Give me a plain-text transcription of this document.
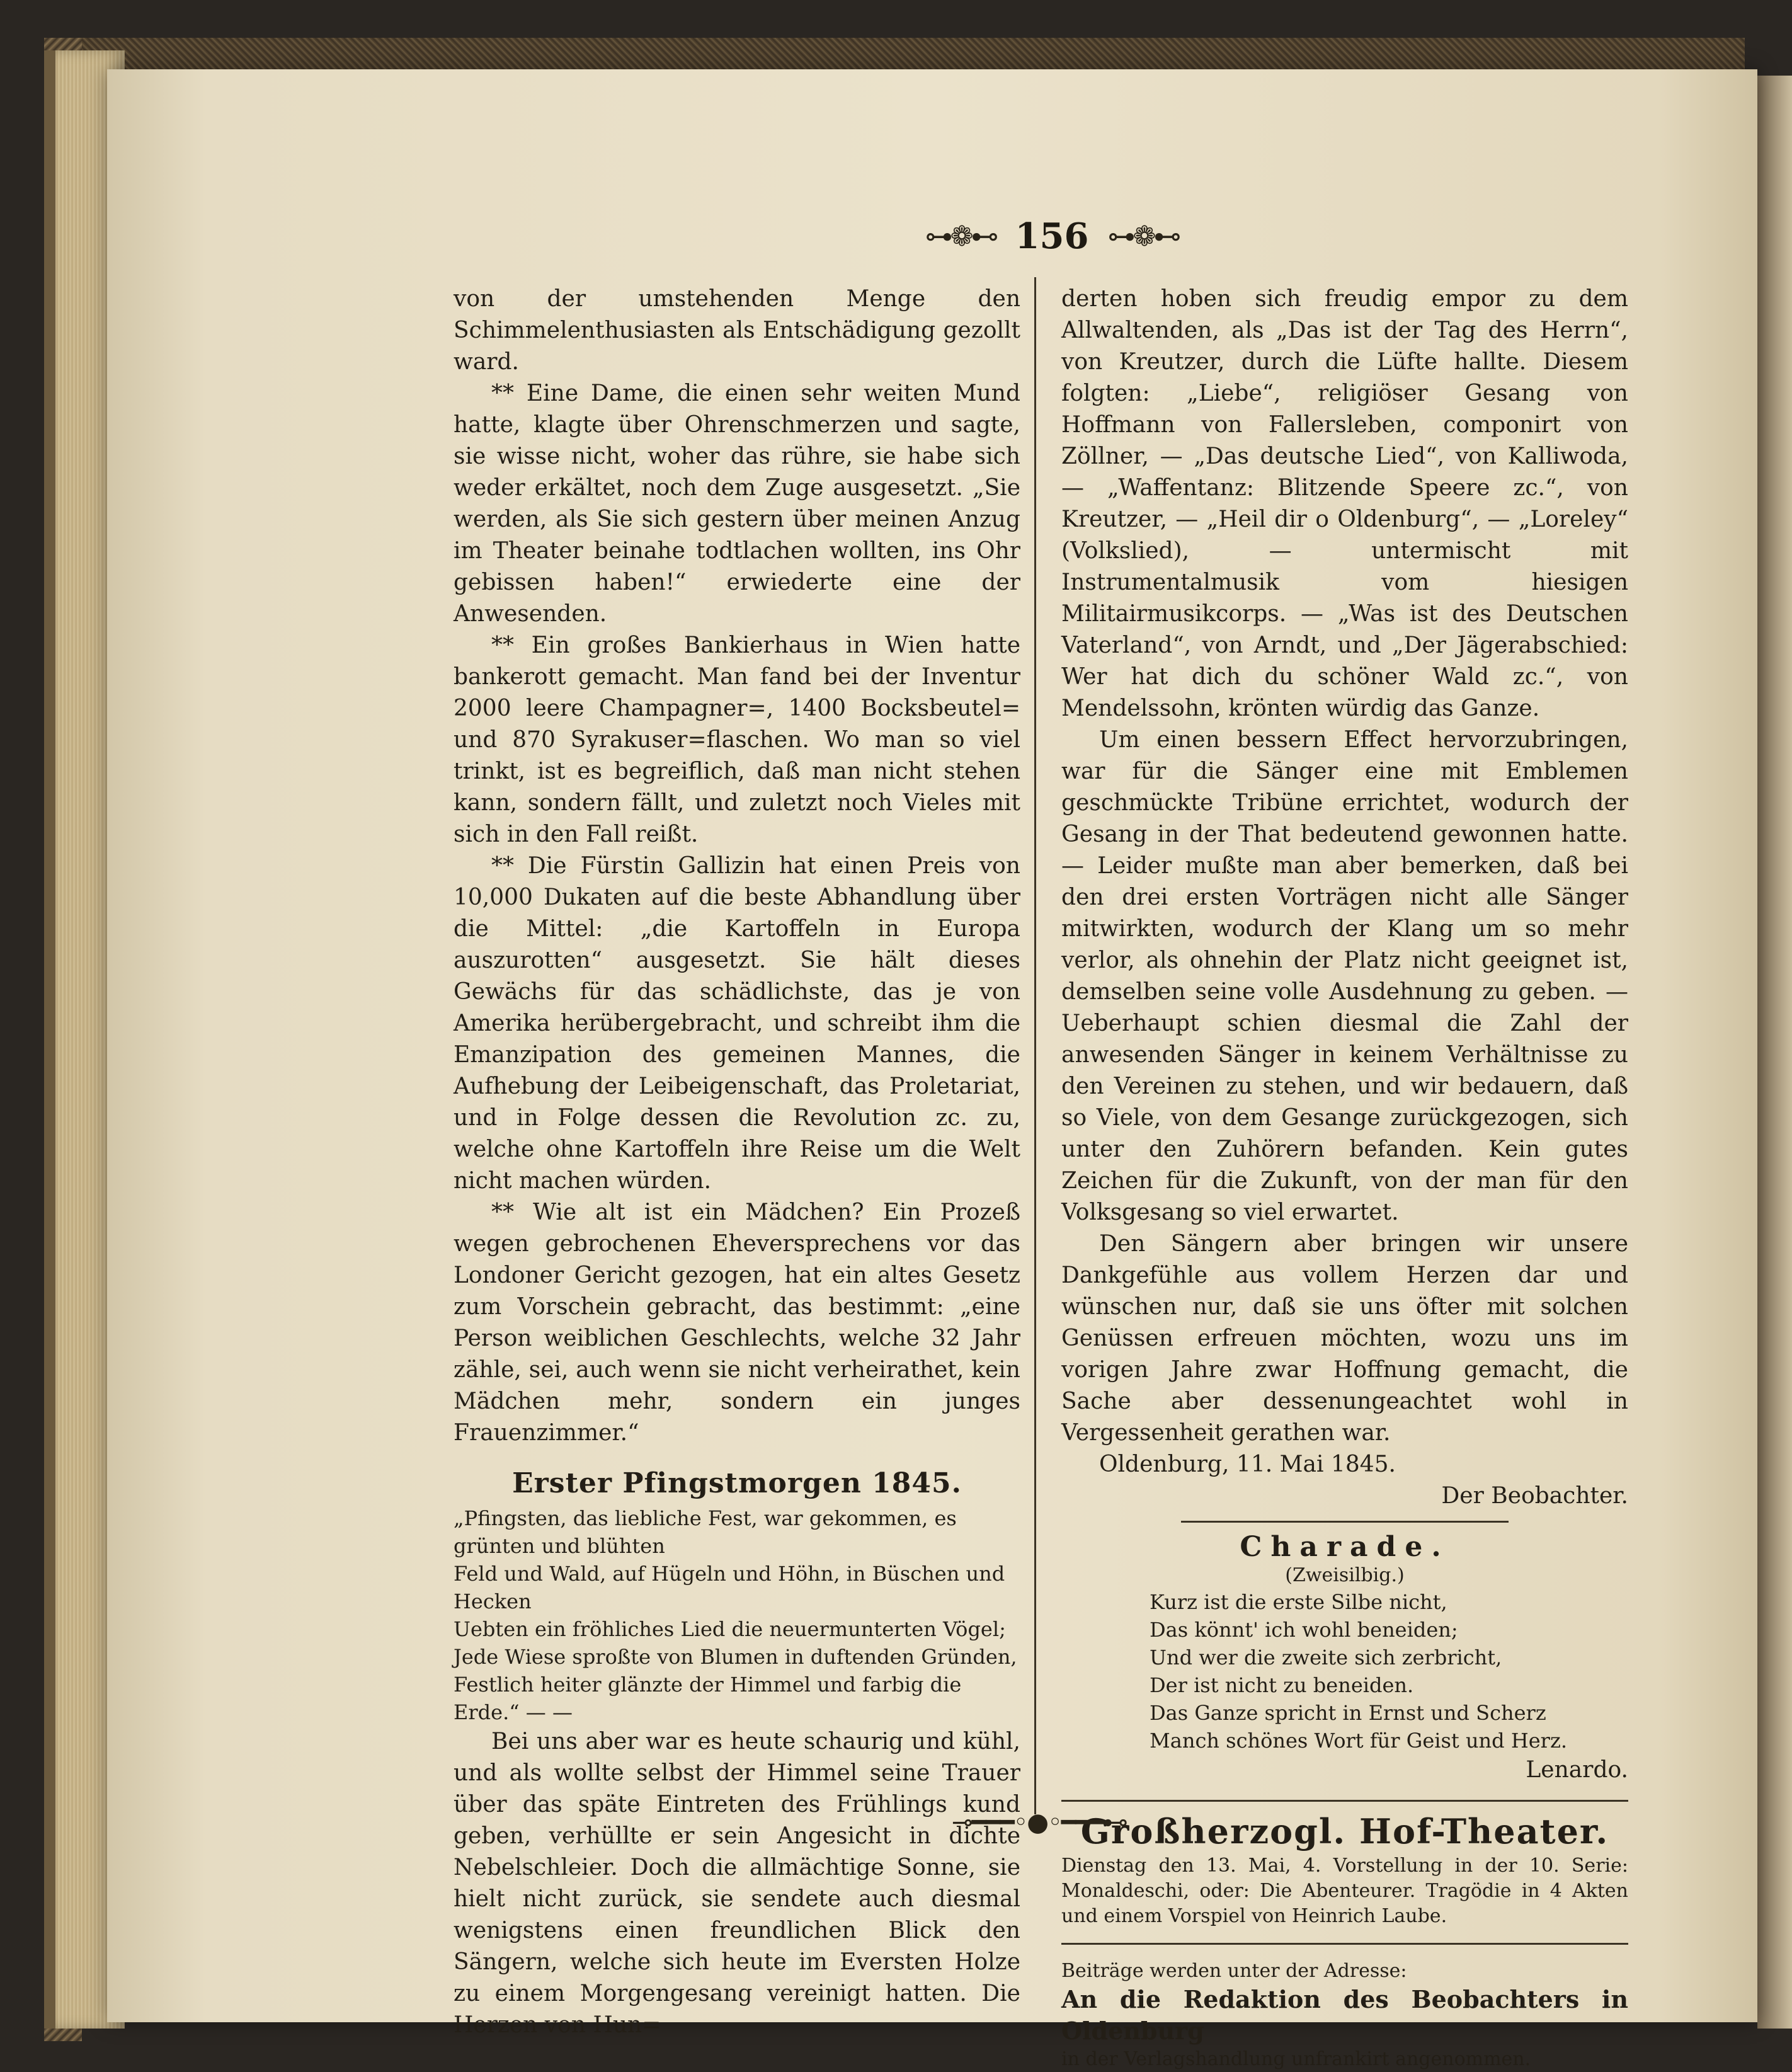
⊶❁⊷ 156 ⊶❁⊷

von der umstehenden Menge den Schimmelenthusiasten als Entschädigung gezollt ward.

** Eine Dame, die einen sehr weiten Mund hatte, klagte über Ohrenschmerzen und sagte, sie wisse nicht, woher das rühre, sie habe sich weder erkältet, noch dem Zuge ausgesetzt. „Sie werden, als Sie sich gestern über meinen Anzug im Theater beinahe todtlachen wollten, ins Ohr gebissen haben!“ erwiederte eine der Anwesenden.

** Ein großes Bankierhaus in Wien hatte bankerott gemacht. Man fand bei der Inventur 2000 leere Champagner=, 1400 Bocksbeutel= und 870 Syrakuser=flaschen. Wo man so viel trinkt, ist es begreiflich, daß man nicht stehen kann, sondern fällt, und zuletzt noch Vieles mit sich in den Fall reißt.

** Die Fürstin Gallizin hat einen Preis von 10,000 Dukaten auf die beste Abhandlung über die Mittel: „die Kartoffeln in Europa auszurotten“ ausgesetzt. Sie hält dieses Gewächs für das schädlichste, das je von Amerika herübergebracht, und schreibt ihm die Emanzipation des gemeinen Mannes, die Aufhebung der Leibeigenschaft, das Proletariat, und in Folge dessen die Revolution zc. zu, welche ohne Kartoffeln ihre Reise um die Welt nicht machen würden.

** Wie alt ist ein Mädchen? Ein Prozeß wegen gebrochenen Eheversprechens vor das Londoner Gericht gezogen, hat ein altes Gesetz zum Vorschein gebracht, das bestimmt: „eine Person weiblichen Geschlechts, welche 32 Jahr zähle, sei, auch wenn sie nicht verheirathet, kein Mädchen mehr, sondern ein junges Frauenzimmer.“

Erster Pfingstmorgen 1845.

„Pfingsten, das liebliche Fest, war gekommen, es grünten und blühten

Feld und Wald, auf Hügeln und Höhn, in Büschen und Hecken

Uebten ein fröhliches Lied die neuermunterten Vögel;

Jede Wiese sproßte von Blumen in duftenden Gründen,

Festlich heiter glänzte der Himmel und farbig die Erde.“ — —

Bei uns aber war es heute schaurig und kühl, und als wollte selbst der Himmel seine Trauer über das späte Eintreten des Frühlings kund geben, verhüllte er sein Angesicht in dichte Nebelschleier. Doch die allmächtige Sonne, sie hielt nicht zurück, sie sendete auch diesmal wenigstens einen freundlichen Blick den Sängern, welche sich heute im Eversten Holze zu einem Morgengesang vereinigt hatten. Die Herzen von Hun=

derten hoben sich freudig empor zu dem Allwaltenden, als „Das ist der Tag des Herrn“, von Kreutzer, durch die Lüfte hallte. Diesem folgten: „Liebe“, religiöser Gesang von Hoffmann von Fallersleben, componirt von Zöllner, — „Das deutsche Lied“, von Kalliwoda, — „Waffentanz: Blitzende Speere zc.“, von Kreutzer, — „Heil dir o Oldenburg“, — „Loreley“ (Volkslied), — untermischt mit Instrumentalmusik vom hiesigen Militairmusikcorps. — „Was ist des Deutschen Vaterland“, von Arndt, und „Der Jägerabschied: Wer hat dich du schöner Wald zc.“, von Mendelssohn, krönten würdig das Ganze.

Um einen bessern Effect hervorzubringen, war für die Sänger eine mit Emblemen geschmückte Tribüne errichtet, wodurch der Gesang in der That bedeutend gewonnen hatte. — Leider mußte man aber bemerken, daß bei den drei ersten Vorträgen nicht alle Sänger mitwirkten, wodurch der Klang um so mehr verlor, als ohnehin der Platz nicht geeignet ist, demselben seine volle Ausdehnung zu geben. — Ueberhaupt schien diesmal die Zahl der anwesenden Sänger in keinem Verhältnisse zu den Vereinen zu stehen, und wir bedauern, daß so Viele, von dem Gesange zurückgezogen, sich unter den Zuhörern befanden. Kein gutes Zeichen für die Zukunft, von der man für den Volksgesang so viel erwartet.

Den Sängern aber bringen wir unsere Dankgefühle aus vollem Herzen dar und wünschen nur, daß sie uns öfter mit solchen Genüssen erfreuen möchten, wozu uns im vorigen Jahre zwar Hoffnung gemacht, die Sache aber dessenungeachtet wohl in Vergessenheit gerathen war.

Oldenburg, 11. Mai 1845.

Der Beobachter.

Charade.

(Zweisilbig.)

Kurz ist die erste Silbe nicht,

Das könnt' ich wohl beneiden;

Und wer die zweite sich zerbricht,

Der ist nicht zu beneiden.

Das Ganze spricht in Ernst und Scherz

Manch schönes Wort für Geist und Herz.

Lenardo.

Großherzogl. Hof-Theater.

Dienstag den 13. Mai, 4. Vorstellung in der 10. Serie: Monaldeschi, oder: Die Abenteurer. Tragödie in 4 Akten und einem Vorspiel von Heinrich Laube.

Beiträge werden unter der Adresse:

An die Redaktion des Beobachters in Oldenburg

in der Verlagshandlung unfrankirt angenommen.

⊸━━━◦●◦━━━⊷
